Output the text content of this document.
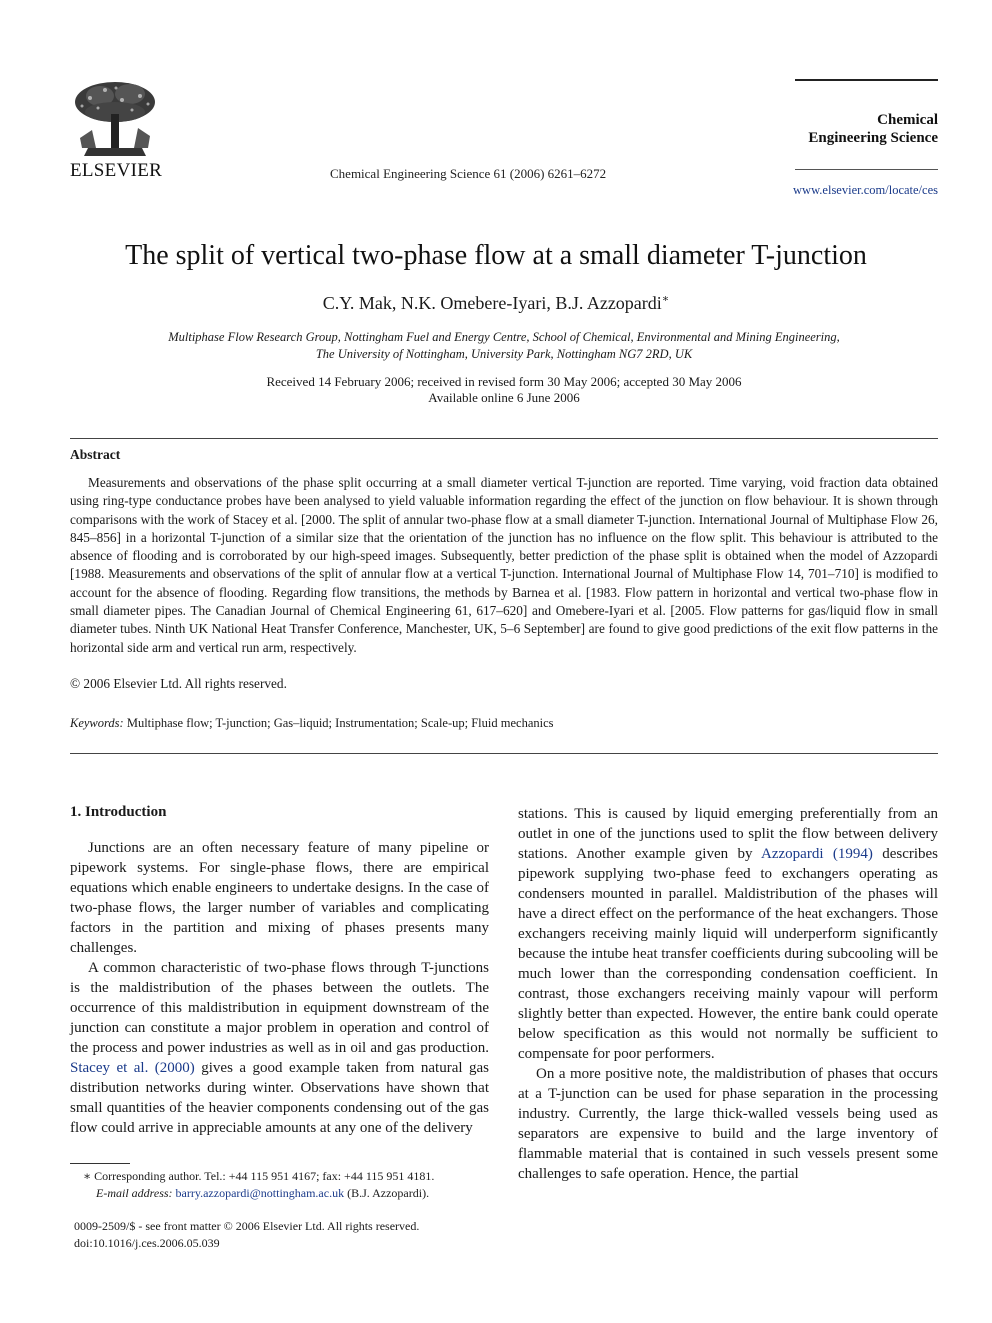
ELSEVIER	Chemical Engineering Science 61 (2006) 6261–6272
Chemical
Engineering Science
www.elsevier.com/locate/ces
The split of vertical two-phase flow at a small diameter T-junction
C.Y. Mak, N.K. Omebere-Iyari, B.J. Azzopardi∗
Multiphase Flow Research Group, Nottingham Fuel and Energy Centre, School of Chemical, Environmental and Mining Engineering,
The University of Nottingham, University Park, Nottingham NG7 2RD, UK
Received 14 February 2006; received in revised form 30 May 2006; accepted 30 May 2006
Available online 6 June 2006
Abstract
Measurements and observations of the phase split occurring at a small diameter vertical T-junction are reported. Time varying, void fraction data obtained using ring-type conductance probes have been analysed to yield valuable information regarding the effect of the junction on flow behaviour. It is shown through comparisons with the work of Stacey et al. [2000. The split of annular two-phase flow at a small diameter T-junction. International Journal of Multiphase Flow 26, 845–856] in a horizontal T-junction of a similar size that the orientation of the junction has no influence on the flow split. This behaviour is attributed to the absence of flooding and is corroborated by our high-speed images. Subsequently, better prediction of the phase split is obtained when the model of Azzopardi [1988. Measurements and observations of the split of annular flow at a vertical T-junction. International Journal of Multiphase Flow 14, 701–710] is modified to account for the absence of flooding. Regarding flow transitions, the methods by Barnea et al. [1983. Flow pattern in horizontal and vertical two-phase flow in small diameter pipes. The Canadian Journal of Chemical Engineering 61, 617–620] and Omebere-Iyari et al. [2005. Flow patterns for gas/liquid flow in small diameter tubes. Ninth UK National Heat Transfer Conference, Manchester, UK, 5–6 September] are found to give good predictions of the exit flow patterns in the horizontal side arm and vertical run arm, respectively.
© 2006 Elsevier Ltd. All rights reserved.
Keywords: Multiphase flow; T-junction; Gas–liquid; Instrumentation; Scale-up; Fluid mechanics
1. Introduction

Junctions are an often necessary feature of many pipeline or pipework systems. For single-phase flows, there are empirical equations which enable engineers to undertake designs. In the case of two-phase flows, the larger number of variables and complicating factors in the partition and mixing of phases presents many challenges.

A common characteristic of two-phase flows through T-junctions is the maldistribution of the phases between the outlets. The occurrence of this maldistribution in equipment downstream of the junction can constitute a major problem in operation and control of the process and power industries as well as in oil and gas production. Stacey et al. (2000) gives a good example taken from natural gas distribution networks during winter. Observations have shown that small quantities of the heavier components condensing out of the gas flow could arrive in appreciable amounts at any one of the delivery

stations. This is caused by liquid emerging preferentially from an outlet in one of the junctions used to split the flow between delivery stations. Another example given by Azzopardi (1994) describes pipework supplying two-phase feed to exchangers operating as condensers mounted in parallel. Maldistribution of the phases will have a direct effect on the performance of the heat exchangers. Those exchangers receiving mainly liquid will underperform significantly because the intube heat transfer coefficients during subcooling will be much lower than the corresponding condensation coefficient. In contrast, those exchangers receiving mainly vapour will perform slightly better than expected. However, the entire bank could operate below specification as this would not normally be sufficient to compensate for poor performers.

On a more positive note, the maldistribution of phases that occurs at a T-junction can be used for phase separation in the processing industry. Currently, the large thick-walled vessels being used as separators are expensive to build and the large inventory of flammable material that is contained in such vessels present some challenges to safe operation. Hence, the partial

∗ Corresponding author. Tel.: +44 115 951 4167; fax: +44 115 951 4181.
E-mail address: barry.azzopardi@nottingham.ac.uk (B.J. Azzopardi).
0009-2509/$ - see front matter © 2006 Elsevier Ltd. All rights reserved.
doi:10.1016/j.ces.2006.05.039
